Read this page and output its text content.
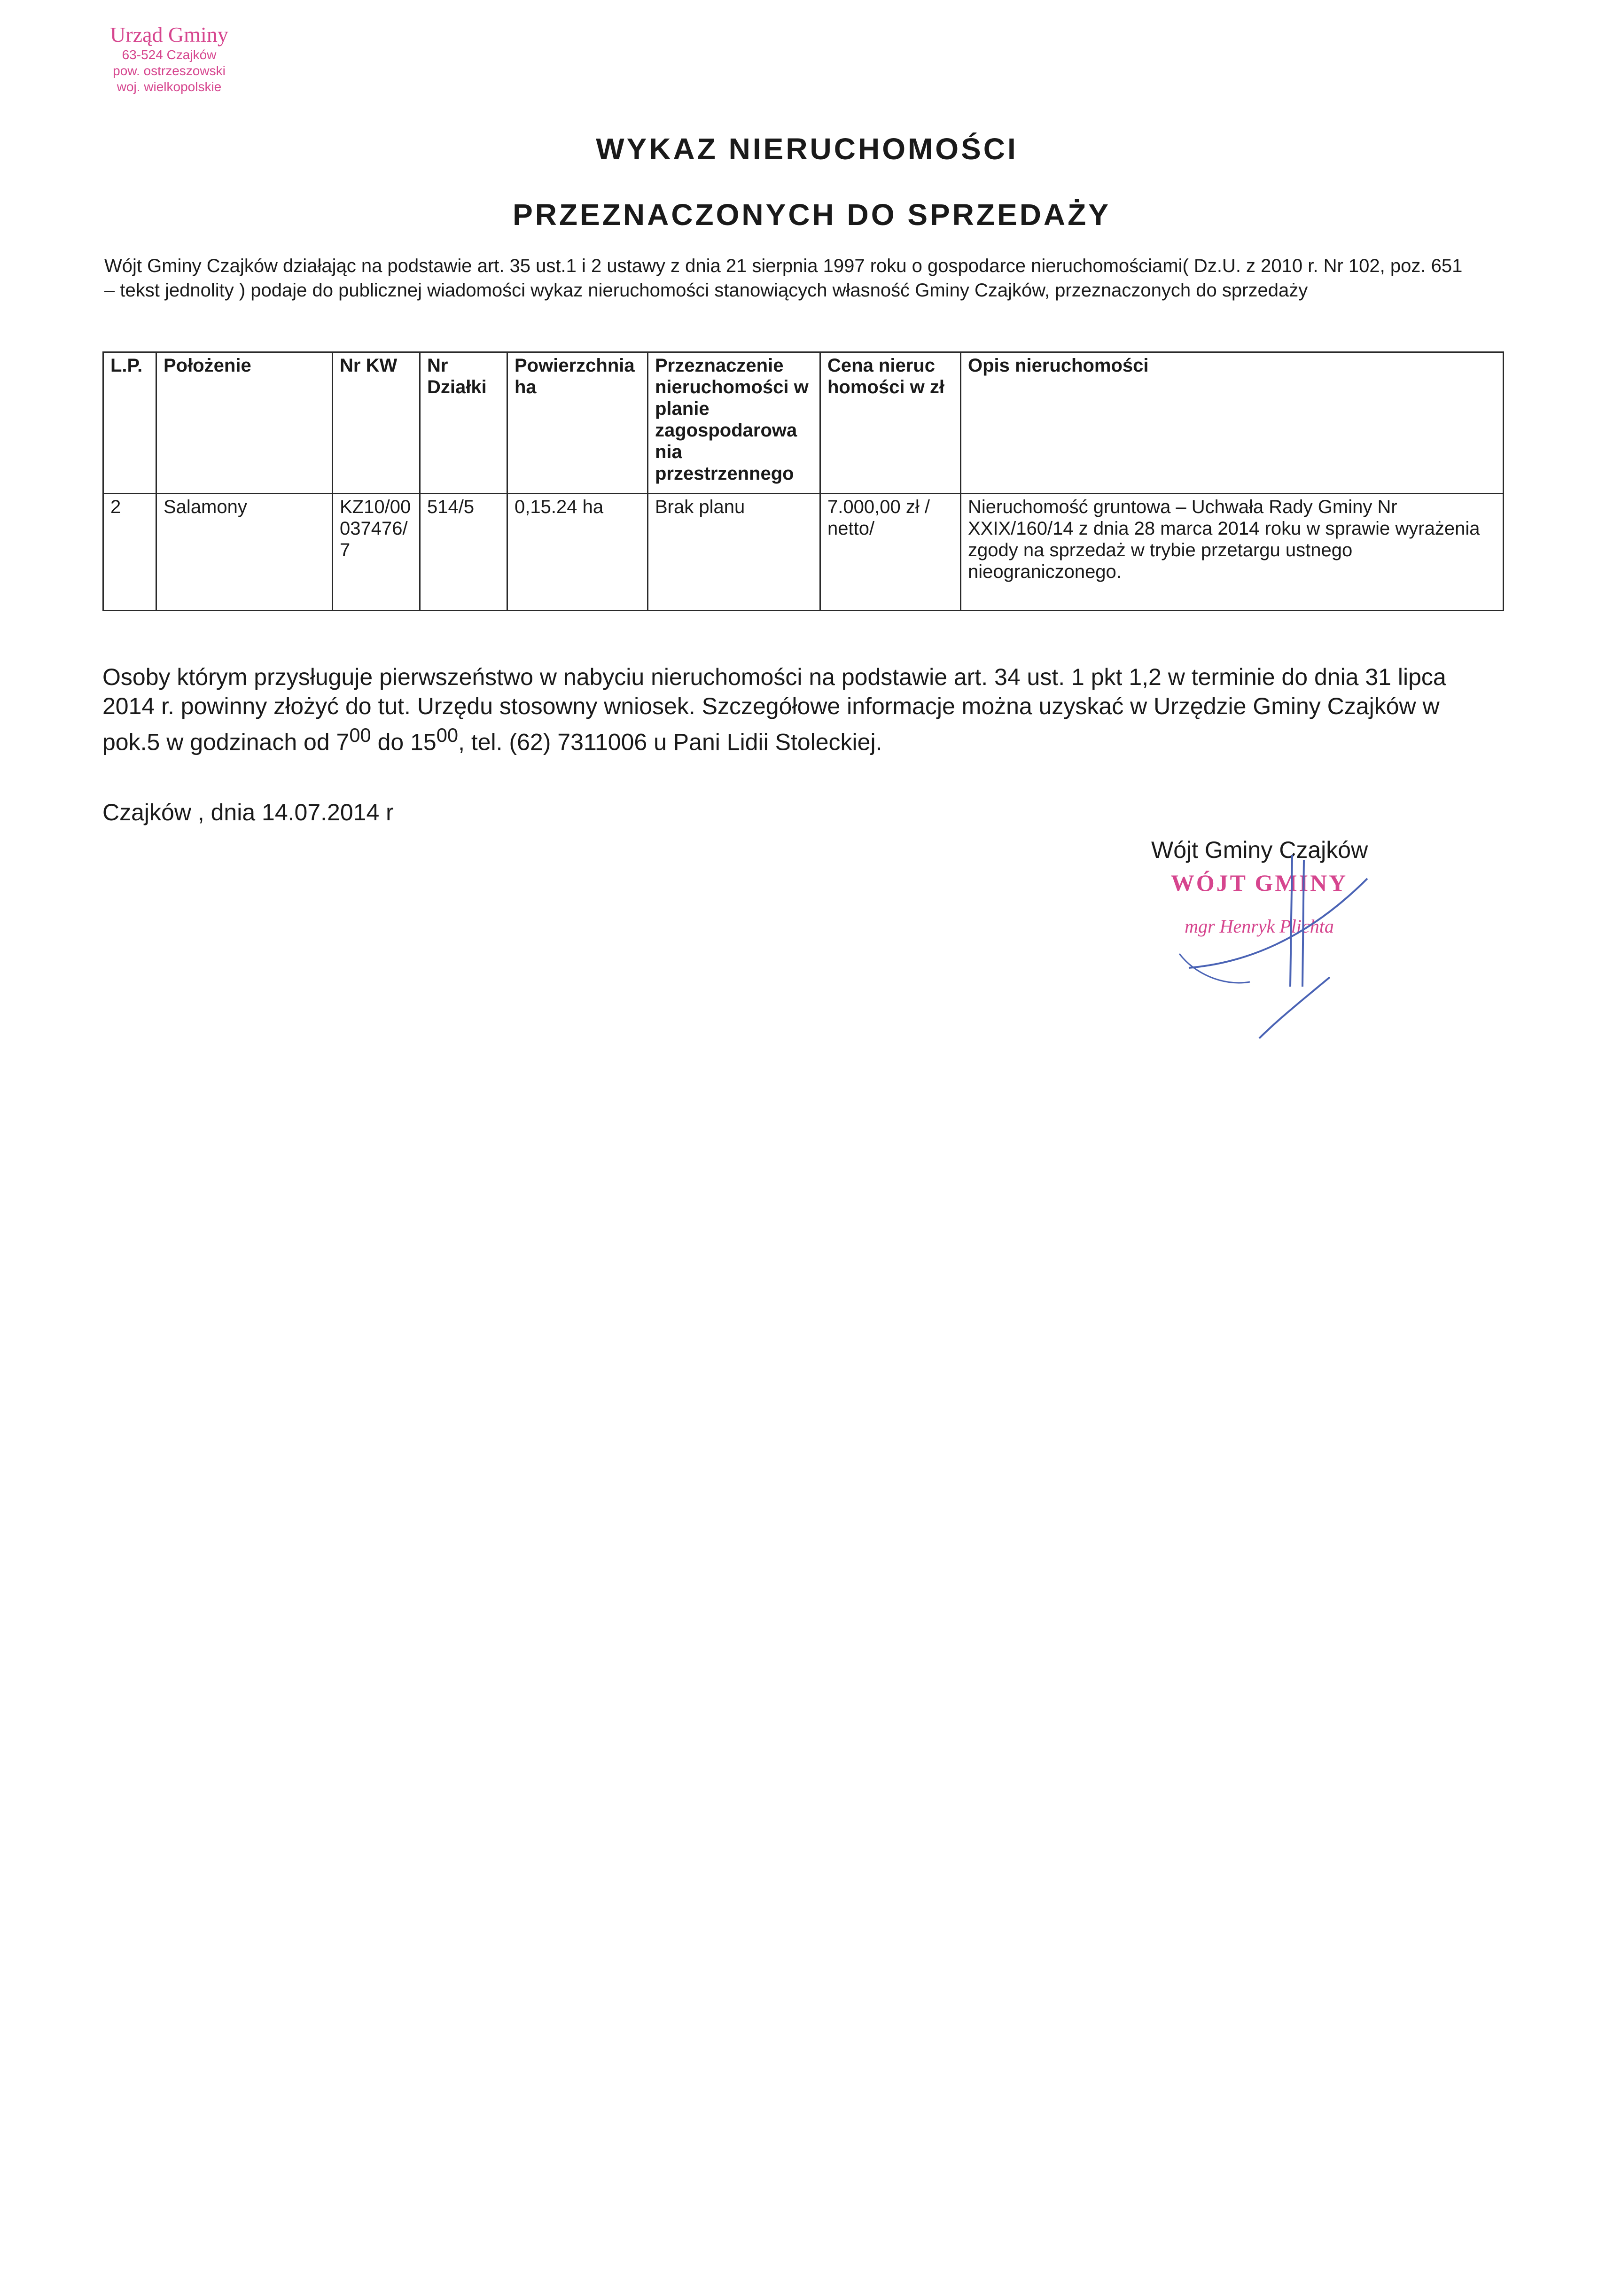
Urząd Gminy
63-524 Czajków
pow. ostrzeszowski
woj. wielkopolskie
WYKAZ NIERUCHOMOŚCI
PRZEZNACZONYCH DO SPRZEDAŻY
Wójt Gminy Czajków działając na podstawie art. 35 ust.1 i 2 ustawy z dnia 21 sierpnia 1997 roku o gospodarce nieruchomościami( Dz.U. z 2010 r. Nr 102, poz. 651 – tekst jednolity ) podaje do publicznej wiadomości wykaz nieruchomości stanowiących własność Gminy Czajków, przeznaczonych do sprzedaży
L.P.	Położenie	Nr KW	Nr Działki	Powierzchnia ha	Przeznaczenie nieruchomości w planie zagospodarowa nia przestrzennego	Cena nieruc homości w zł	Opis nieruchomości
2	Salamony	KZ10/00 037476/ 7	514/5	0,15.24 ha	Brak planu	7.000,00 zł / netto/	Nieruchomość gruntowa – Uchwała Rady Gminy Nr XXIX/160/14 z dnia 28 marca 2014 roku w sprawie wyrażenia zgody na sprzedaż w trybie przetargu ustnego nieograniczonego.
Osoby którym przysługuje pierwszeństwo w nabyciu nieruchomości na podstawie art. 34 ust. 1 pkt 1,2 w terminie do dnia 31 lipca 2014 r. powinny złożyć do tut. Urzędu stosowny wniosek. Szczegółowe informacje można uzyskać w Urzędzie Gminy Czajków w pok.5 w godzinach od $7^{00}$ do $15^{00}$, tel. (62) 7311006 u Pani Lidii Stoleckiej.
Czajków , dnia 14.07.2014 r
Wójt Gminy Czajków
WÓJT GMINY
mgr Henryk Plichta
